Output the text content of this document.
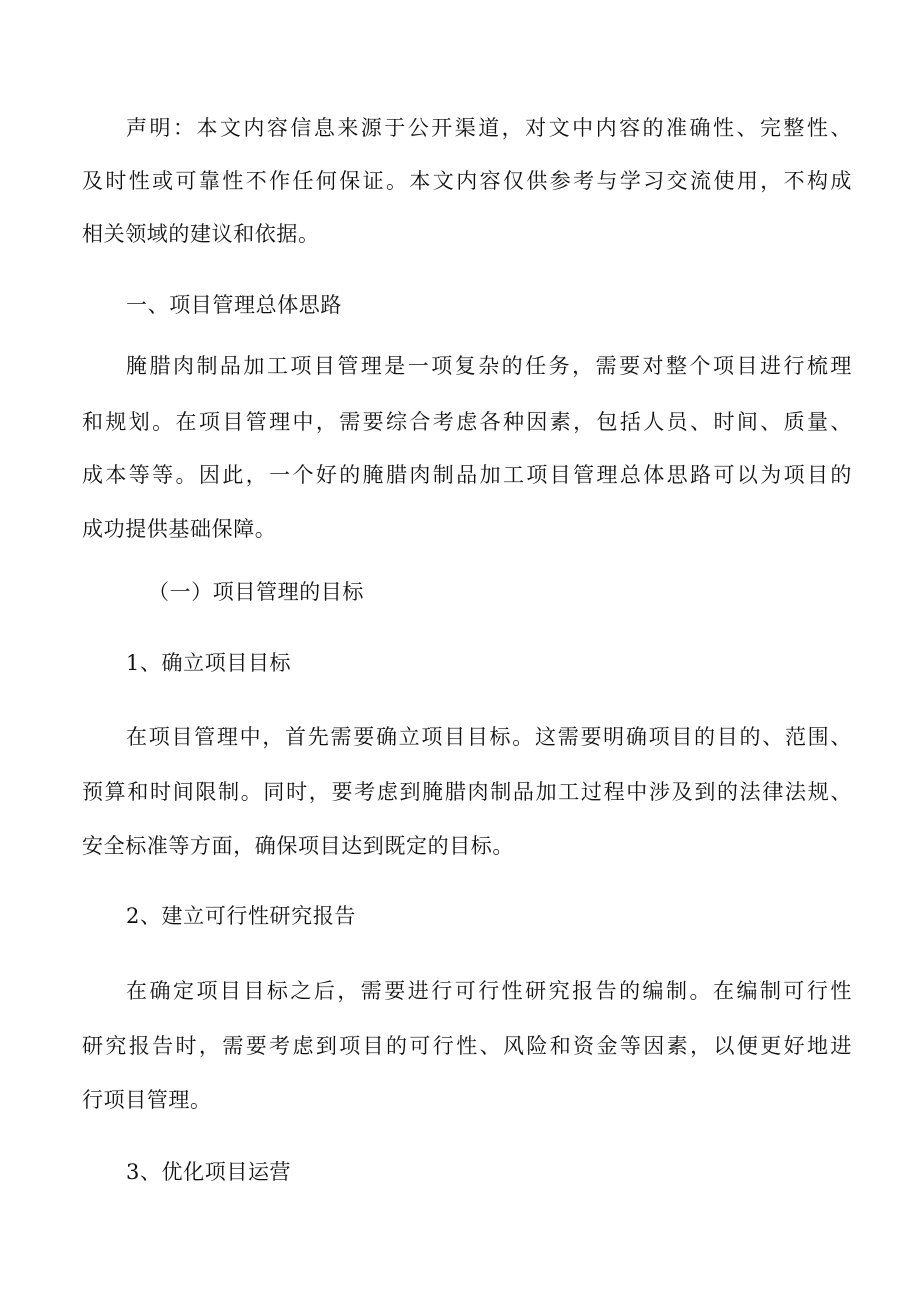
声明：本文内容信息来源于公开渠道，对文中内容的准确性、完整性、
及时性或可靠性不作任何保证。本文内容仅供参考与学习交流使用，不构成
相关领域的建议和依据。
一、项目管理总体思路
腌腊肉制品加工项目管理是一项复杂的任务，需要对整个项目进行梳理
和规划。在项目管理中，需要综合考虑各种因素，包括人员、时间、质量、
成本等等。因此，一个好的腌腊肉制品加工项目管理总体思路可以为项目的
成功提供基础保障。
（一）项目管理的目标
1、确立项目目标
在项目管理中，首先需要确立项目目标。这需要明确项目的目的、范围、
预算和时间限制。同时，要考虑到腌腊肉制品加工过程中涉及到的法律法规、
安全标准等方面，确保项目达到既定的目标。
2、建立可行性研究报告
在确定项目目标之后，需要进行可行性研究报告的编制。在编制可行性
研究报告时，需要考虑到项目的可行性、风险和资金等因素，以便更好地进
行项目管理。
3、优化项目运营
